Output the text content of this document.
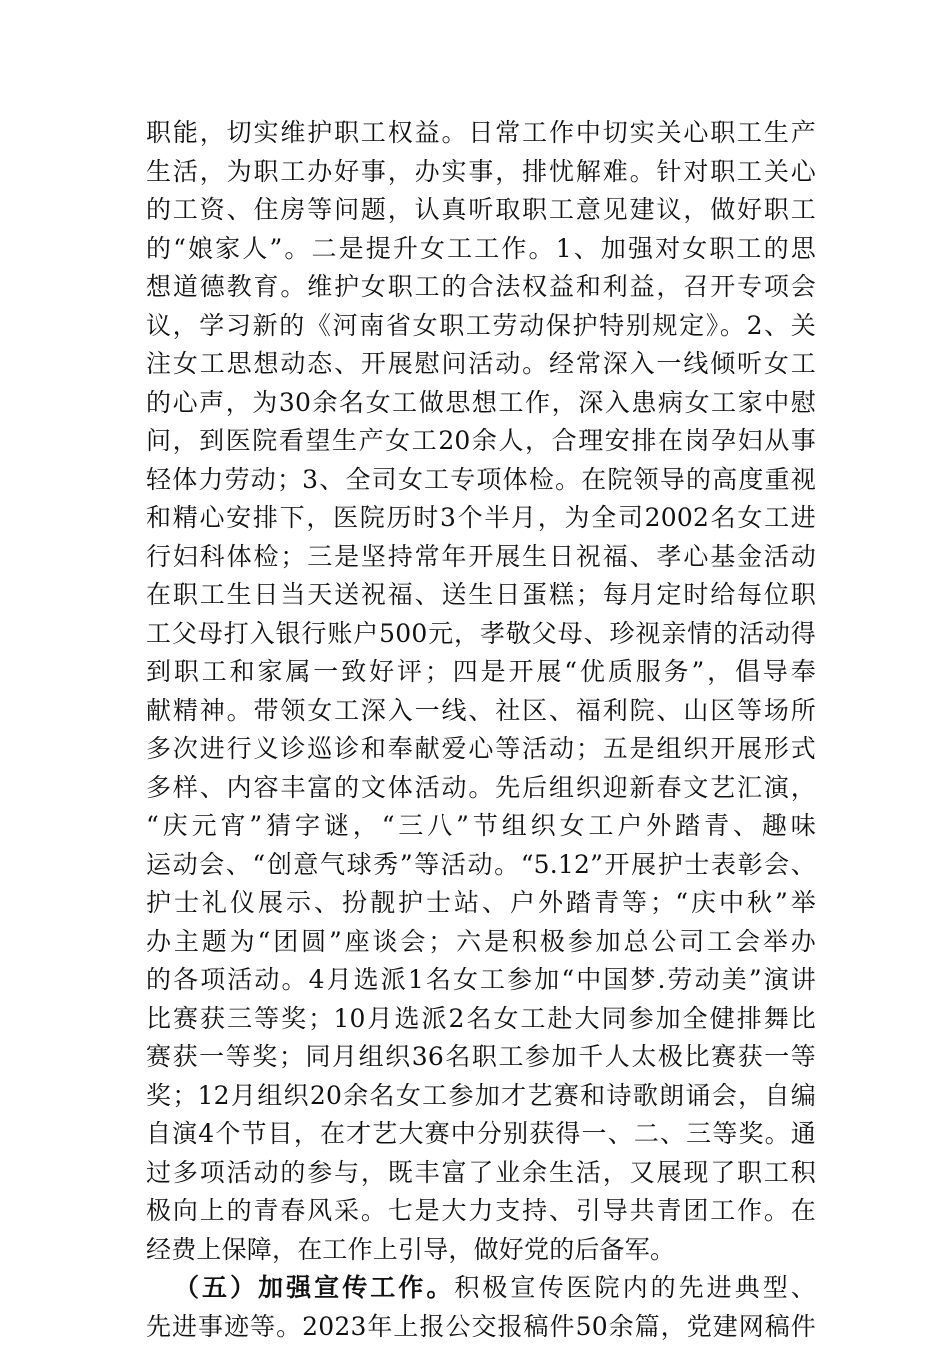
职能，切实维护职工权益。日常工作中切实关心职工生产
生活，为职工办好事，办实事，排忧解难。针对职工关心
的工资、住房等问题，认真听取职工意见建议，做好职工
的“娘家人”。二是提升女工工作。1、加强对女职工的思
想道德教育。维护女职工的合法权益和利益，召开专项会
议，学习新的《河南省女职工劳动保护特别规定》。2、关
注女工思想动态、开展慰问活动。经常深入一线倾听女工
的心声，为30余名女工做思想工作，深入患病女工家中慰
问，到医院看望生产女工20余人，合理安排在岗孕妇从事
轻体力劳动；3、全司女工专项体检。在院领导的高度重视
和精心安排下，医院历时3个半月，为全司2002名女工进
行妇科体检；三是坚持常年开展生日祝福、孝心基金活动
在职工生日当天送祝福、送生日蛋糕；每月定时给每位职
工父母打入银行账户500元，孝敬父母、珍视亲情的活动得
到职工和家属一致好评；四是开展“优质服务”，倡导奉
献精神。带领女工深入一线、社区、福利院、山区等场所
多次进行义诊巡诊和奉献爱心等活动；五是组织开展形式
多样、内容丰富的文体活动。先后组织迎新春文艺汇演，
“庆元宵”猜字谜，“三八”节组织女工户外踏青、趣味
运动会、“创意气球秀”等活动。“5.12”开展护士表彰会、
护士礼仪展示、扮靓护士站、户外踏青等；“庆中秋”举
办主题为“团圆”座谈会；六是积极参加总公司工会举办
的各项活动。4月选派1名女工参加“中国梦.劳动美”演讲
比赛获三等奖；10月选派2名女工赴大同参加全健排舞比
赛获一等奖；同月组织36名职工参加千人太极比赛获一等
奖；12月组织20余名女工参加才艺赛和诗歌朗诵会，自编
自演4个节目，在才艺大赛中分别获得一、二、三等奖。通
过多项活动的参与，既丰富了业余生活，又展现了职工积
极向上的青春风采。七是大力支持、引导共青团工作。在
经费上保障，在工作上引导，做好党的后备军。
（五）加强宣传工作。积极宣传医院内的先进典型、
先进事迹等。2023年上报公交报稿件50余篇，党建网稿件
